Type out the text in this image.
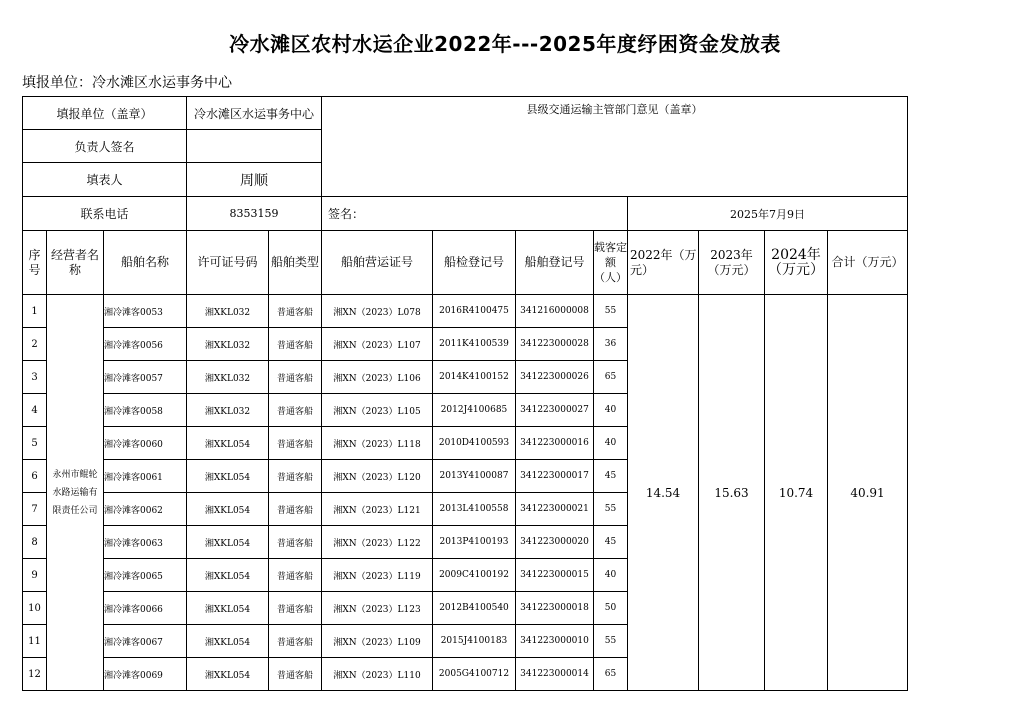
冷水滩区农村水运企业2022年---2025年度纾困资金发放表
填报单位：冷水滩区水运事务中心
填报单位（盖章）			冷水滩区水运事务中心		县级交通运输主管部门意见（盖章）							
负责人签名												
填表人			周顺									
联系电话			8353159		签名：				2025年7月9日			
序号	经营者名称	船舶名称	许可证号码	船舶类型	船舶营运证号	船检登记号	船舶登记号	载客定额（人）	2022年（万元）	2023年（万元）	2024年（万元）	合计（万元）
1	永州市鲲轮水路运输有限责任公司	湘冷滩客0053	湘XKL032	普通客船	湘XN（2023）L078	2016R4100475	341216000008	55	14.54	15.63	10.74	40.91
2		湘冷滩客0056	湘XKL032	普通客船	湘XN（2023）L107	2011K4100539	341223000028	36				
3		湘冷滩客0057	湘XKL032	普通客船	湘XN（2023）L106	2014K4100152	341223000026	65				
4		湘冷滩客0058	湘XKL032	普通客船	湘XN（2023）L105	2012J4100685	341223000027	40				
5		湘冷滩客0060	湘XKL054	普通客船	湘XN（2023）L118	2010D4100593	341223000016	40				
6		湘冷滩客0061	湘XKL054	普通客船	湘XN（2023）L120	2013Y4100087	341223000017	45				
7		湘冷滩客0062	湘XKL054	普通客船	湘XN（2023）L121	2013L4100558	341223000021	55				
8		湘冷滩客0063	湘XKL054	普通客船	湘XN（2023）L122	2013P4100193	341223000020	45				
9		湘冷滩客0065	湘XKL054	普通客船	湘XN（2023）L119	2009C4100192	341223000015	40				
10		湘冷滩客0066	湘XKL054	普通客船	湘XN（2023）L123	2012B4100540	341223000018	50				
11		湘冷滩客0067	湘XKL054	普通客船	湘XN（2023）L109	2015J4100183	341223000010	55				
12		湘冷滩客0069	湘XKL054	普通客船	湘XN（2023）L110	2005G4100712	341223000014	65				
